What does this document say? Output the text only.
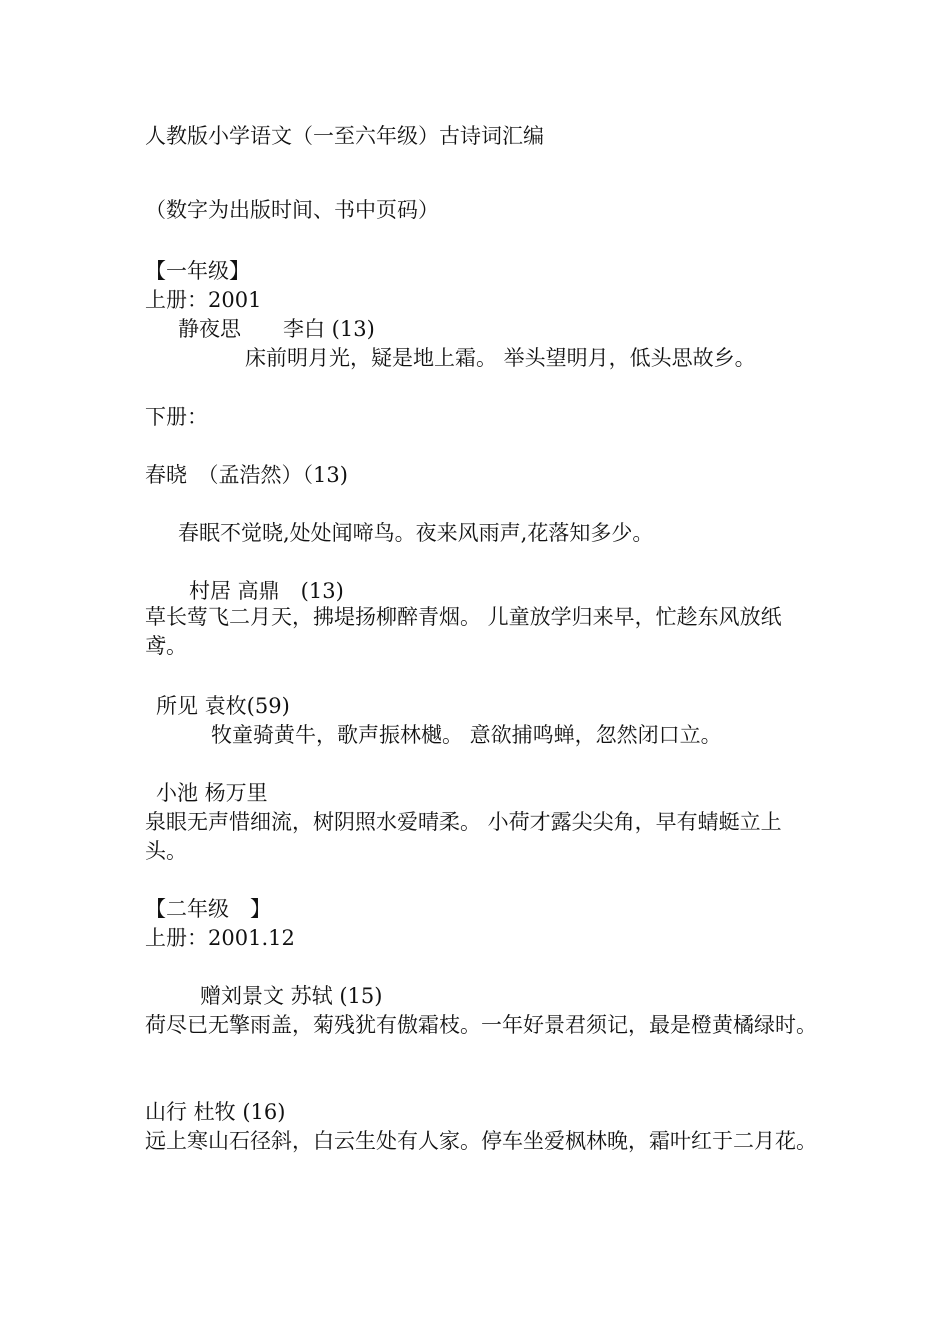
人教版小学语文（一至六年级）古诗词汇编
（数字为出版时间、书中页码）
【一年级】
上册：2001
静夜思　　李白 (13)
床前明月光，疑是地上霜。 举头望明月，低头思故乡。
下册：
春晓　（孟浩然）（13)
春眠不觉晓,处处闻啼鸟。夜来风雨声,花落知多少。
村居 高鼎　(13)
草长莺飞二月天，拂堤扬柳醉青烟。 儿童放学归来早，忙趁东风放纸鸢。
所见 袁枚(59)
牧童骑黄牛，歌声振林樾。 意欲捕鸣蝉，忽然闭口立。
小池 杨万里
泉眼无声惜细流，树阴照水爱晴柔。 小荷才露尖尖角，早有蜻蜓立上头。
【二年级　】
上册：2001.12
赠刘景文 苏轼 (15)
荷尽已无擎雨盖，菊残犹有傲霜枝。一年好景君须记，最是橙黄橘绿时。
山行 杜牧 (16)
远上寒山石径斜，白云生处有人家。停车坐爱枫林晚，霜叶红于二月花。
